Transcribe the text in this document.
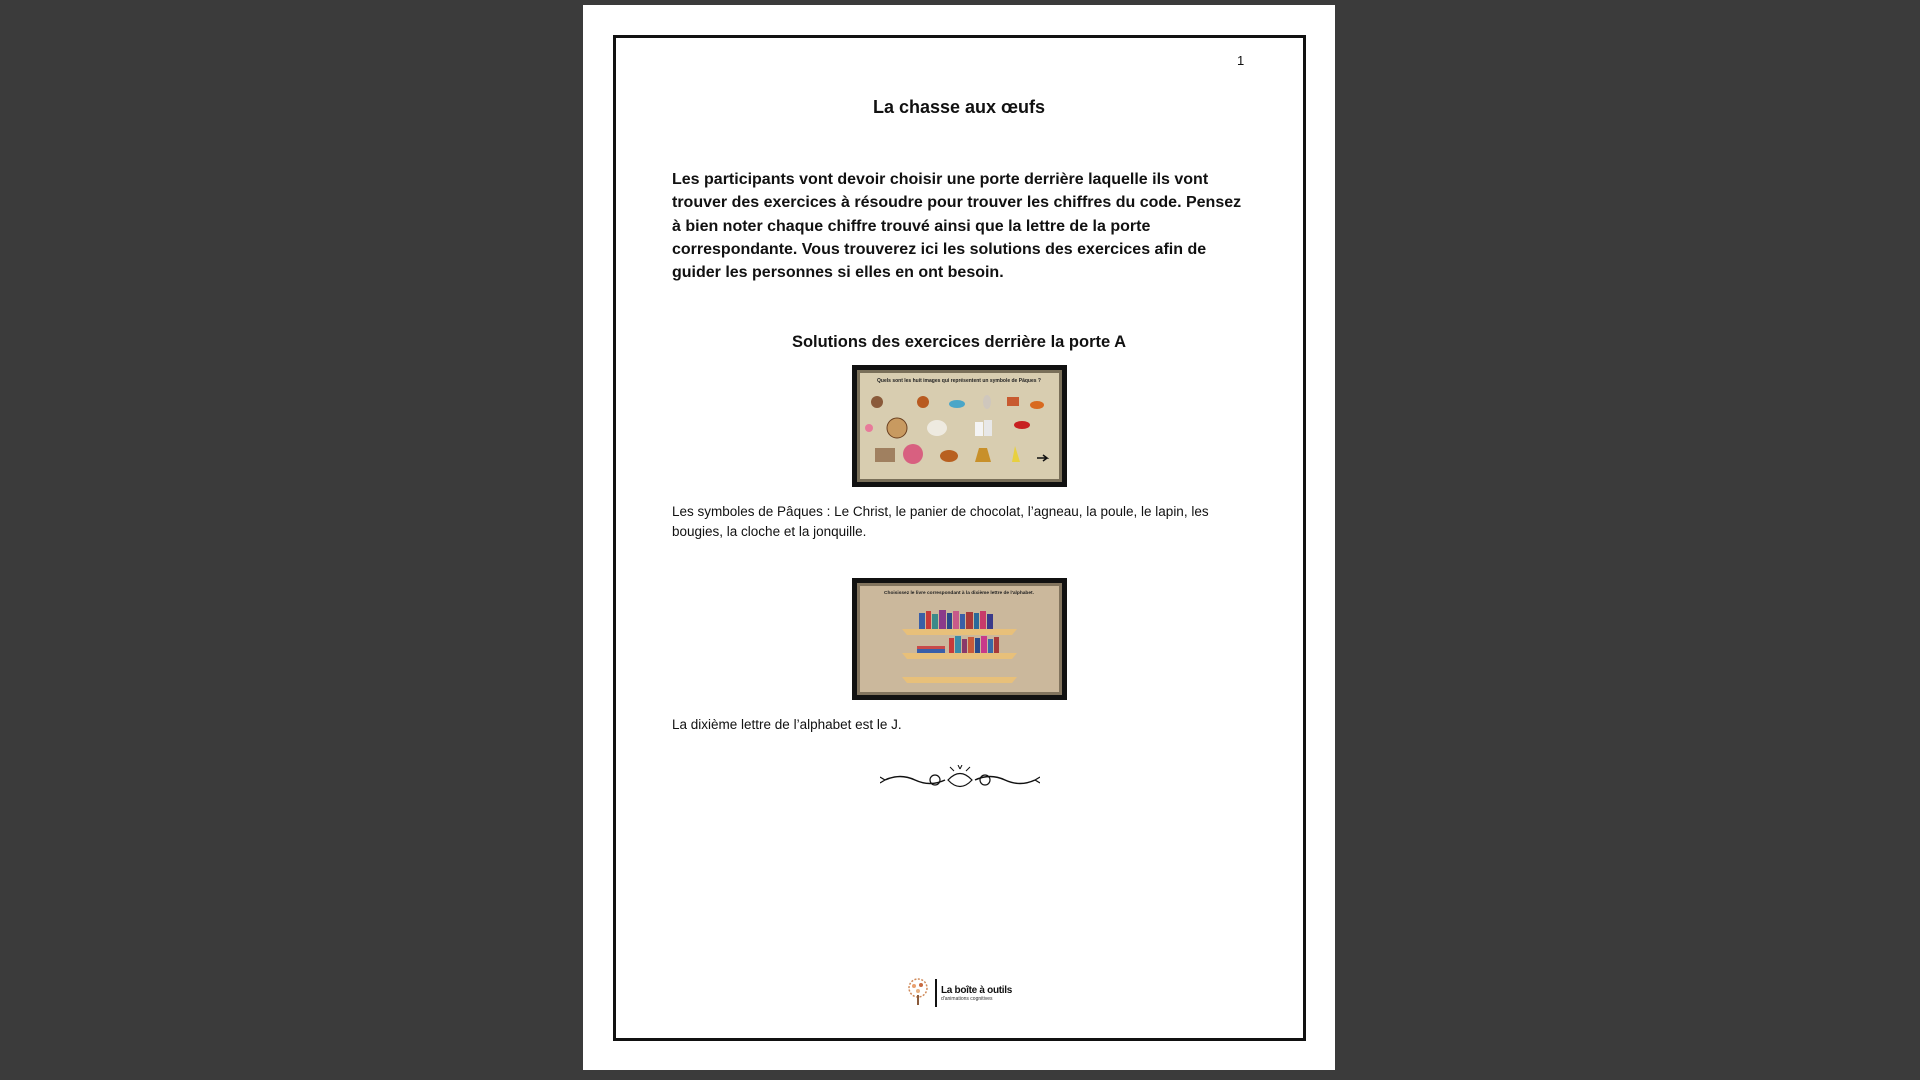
1
La chasse aux œufs
Les participants vont devoir choisir une porte derrière laquelle ils vont trouver des exercices à résoudre pour trouver les chiffres du code. Pensez à bien noter chaque chiffre trouvé ainsi que la lettre de la porte correspondante. Vous trouverez ici les solutions des exercices afin de guider les personnes si elles en ont besoin.
Solutions des exercices derrière la porte A
Quels sont les huit images qui représentent un symbole de Pâques ?
Les symboles de Pâques : Le Christ, le panier de chocolat, l’agneau, la poule, le lapin, les bougies, la cloche et la jonquille.
Choisissez le livre correspondant à la dixième lettre de l'alphabet.
La dixième lettre de l’alphabet est le J.
La boîte à outils
d'animations cognitives
